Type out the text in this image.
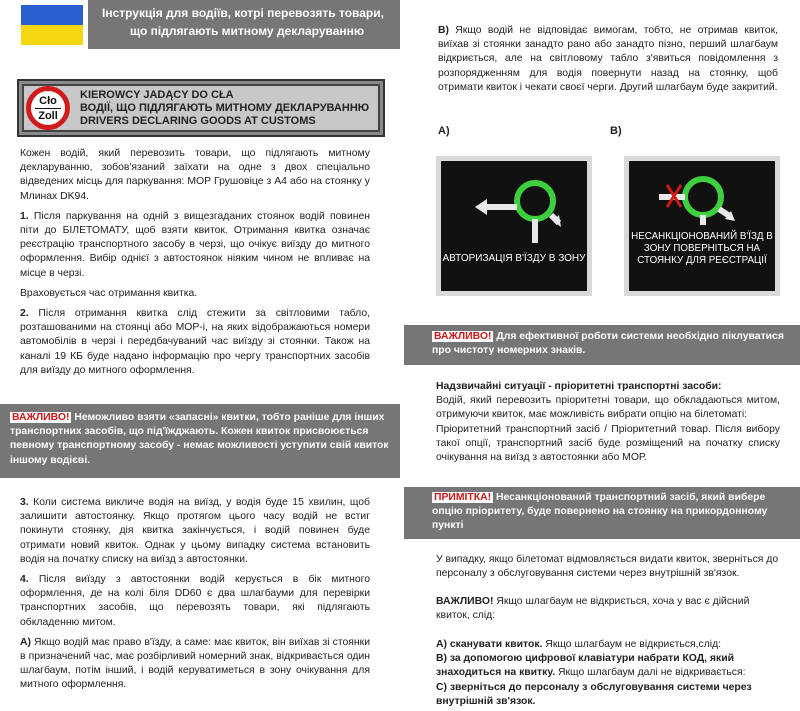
Інструкція для водіїв, котрі перевозять товари,
що підлягають митному декларуванню
Cło
Zoll
KIEROWCY JADĄCY DO CŁA
ВОДІЇ, ЩО ПІДЛЯГАЮТЬ МИТНОМУ ДЕКЛАРУВАННЮ
DRIVERS DECLARING GOODS AT CUSTOMS

Кожен водій, який перевозить товари, що підлягають митному декларуванню, зобов'язаний заїхати на одне з двох спеціально відведених місць для паркування: МОР Грушовіце з А4 або на стоянку у Млинах DK94.

1. Після паркування на одній з вищезгаданих стоянок водій повинен піти до БІЛЕТОМАТУ, щоб взяти квиток. Отримання квитка означає реєстрацію транспортного засобу в черзі, що очікує виїзду до митного оформлення. Вибір однієї з автостоянок ніяким чином не впливає на місце в черзі.

Враховується час отримання квитка.

2. Після отримання квитка слід стежити за світловими табло, розташованими на стоянці або МОР-і, на яких відображаються номери автомобілів в черзі і передбачуваний час виїзду зі стоянки. Також на каналі 19 КБ буде надано інформацію про чергу транспортних засобів для виїзду до митного оформлення.

ВАЖЛИВО! Неможливо взяти «запасні» квитки, тобто раніше для інших транспортних засобів, що під'їжджають. Кожен квиток присвоюється певному транспортному засобу - немає можливості уступити свій квиток іншому водієві.

3. Коли система викличе водія на виїзд, у водія буде 15 хвилин, щоб залишити автостоянку. Якщо протягом цього часу водій не встиг покинути стоянку, дія квитка закінчується, і водій повинен буде отримати новий квиток. Однак у цьому випадку система встановить водія на початку списку на виїзд з автостоянки.

4. Після виїзду з автостоянки водій керується в бік митного оформлення, де на колі біля DD60 є два шлагбауми для перевірки транспортних засобів, що перевозять товари, які підлягають обкладенню митом.

А) Якщо водій має право в'їзду, а саме: має квиток, він виїхав зі стоянки в призначений час, має розбірливий номерний знак, відкривається один шлагбаум, потім інший, і водій керуватиметься в зону очікування для митного оформлення.

В) Якщо водій не відповідає вимогам, тобто, не отримав квиток, виїхав зі стоянки занадто рано або занадто пізно, перший шлагбаум відкриється, але на світловому табло з'явиться повідомлення з розпорядженням для водія повернути назад на стоянку, щоб отримати квиток і чекати своєї черги. Другий шлагбаум буде закритий.

А)	В)
АВТОРИЗАЦІЯ В'ЇЗДУ В ЗОНУ
НЕСАНКЦІОНОВАНИЙ В'ЇЗД В ЗОНУ ПОВЕРНІТЬСЯ НА СТОЯНКУ ДЛЯ РЕЄСТРАЦІЇ
ВАЖЛИВО! Для ефективної роботи системи необхідно піклуватися про чистоту номерних знаків.
Надзвичайні ситуації - пріоритетні транспортні засоби:
Водій, який перевозить пріоритетні товари, що обкладаються митом, отримуючи квиток, має можливість вибрати опцію на білетоматі:
Пріоритетний транспортний засіб / Пріоритетний товар. Після вибору такої опції, транспортний засіб буде розміщений на початку списку очікування на виїзд з автостоянки або МОР.
ПРИМІТКА! Несанкціонований транспортний засіб, який вибере опцію пріоритету, буде повернено на стоянку на прикордонному пункті
У випадку, якщо білетомат відмовляється видати квиток, зверніться до персоналу з обслуговування системи через внутрішній зв'язок.
ВАЖЛИВО! Якщо шлагбаум не відкриється, хоча у вас є дійсний квиток, слід:
А) сканувати квиток. Якщо шлагбаум не відкриється,слід:
В) за допомогою цифрової клавіатури набрати КОД, який знаходиться на квитку. Якщо шлагбаум далі не відкривається:
С) зверніться до персоналу з обслуговування системи через внутрішній зв'язок.
